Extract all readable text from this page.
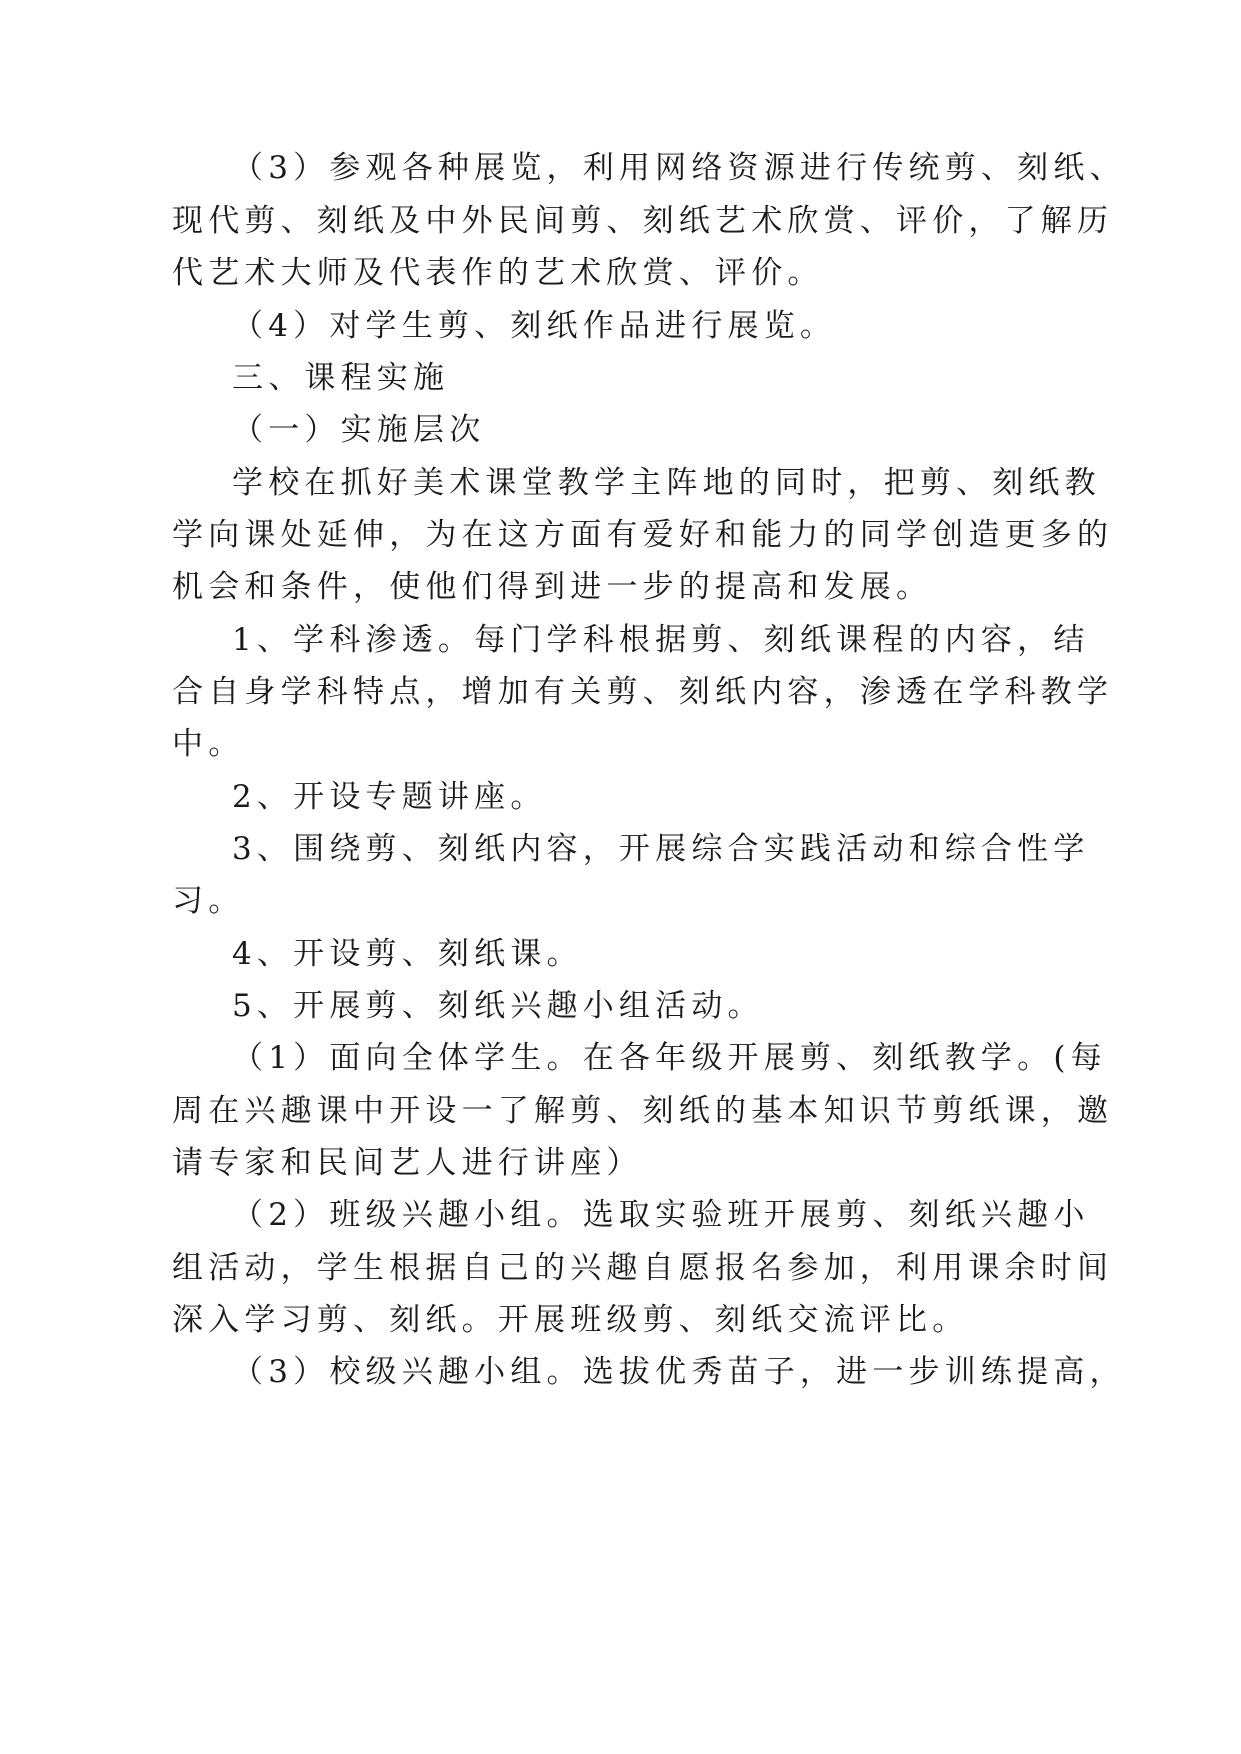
（3）参观各种展览，利用网络资源进行传统剪、刻纸、
现代剪、刻纸及中外民间剪、刻纸艺术欣赏、评价，了解历
代艺术大师及代表作的艺术欣赏、评价。
（4）对学生剪、刻纸作品进行展览。
三、课程实施
（一）实施层次
学校在抓好美术课堂教学主阵地的同时，把剪、刻纸教
学向课处延伸，为在这方面有爱好和能力的同学创造更多的
机会和条件，使他们得到进一步的提高和发展。
1、学科渗透。每门学科根据剪、刻纸课程的内容，结
合自身学科特点，增加有关剪、刻纸内容，渗透在学科教学
中。
2、开设专题讲座。
3、围绕剪、刻纸内容，开展综合实践活动和综合性学
习。
4、开设剪、刻纸课。
5、开展剪、刻纸兴趣小组活动。
（1）面向全体学生。在各年级开展剪、刻纸教学。(每
周在兴趣课中开设一了解剪、刻纸的基本知识节剪纸课，邀
请专家和民间艺人进行讲座）
（2）班级兴趣小组。选取实验班开展剪、刻纸兴趣小
组活动，学生根据自己的兴趣自愿报名参加，利用课余时间
深入学习剪、刻纸。开展班级剪、刻纸交流评比。
（3）校级兴趣小组。选拔优秀苗子，进一步训练提高，
